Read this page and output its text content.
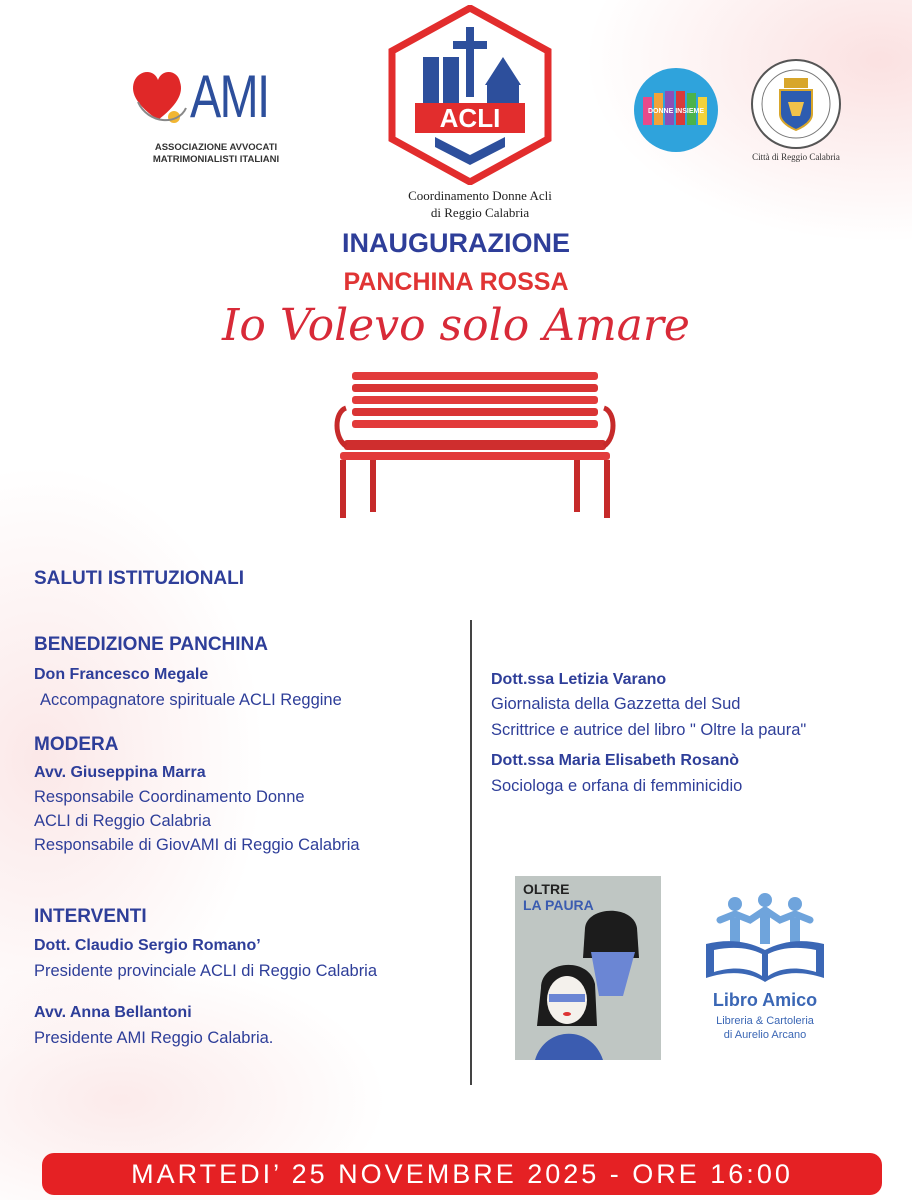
AMI
ASSOCIAZIONE AVVOCATI
MATRIMONIALISTI ITALIANI
ACLI
Coordinamento Donne Acli
di Reggio Calabria
DONNE INSIEME
Città di Reggio Calabria
INAUGURAZIONE
PANCHINA ROSSA
Io Volevo solo Amare
SALUTI ISTITUZIONALI
BENEDIZIONE PANCHINA
Don Francesco Megale
Accompagnatore spirituale ACLI Reggine
MODERA
Avv. Giuseppina Marra
Responsabile Coordinamento Donne
ACLI di Reggio Calabria
Responsabile di GiovAMI di Reggio Calabria
INTERVENTI
Dott. Claudio Sergio Romano’
Presidente provinciale ACLI di Reggio Calabria
Avv. Anna Bellantoni
Presidente AMI Reggio Calabria.
Dott.ssa Letizia Varano
Giornalista della Gazzetta del Sud
Scrittrice e autrice del libro " Oltre la paura"
Dott.ssa Maria Elisabeth Rosanò
Sociologa e orfana di femminicidio
OLTRE
LA PAURA
Libro Amico
Libreria & Cartoleria
di Aurelio Arcano
MARTEDI’ 25 NOVEMBRE 2025 - ORE 16:00
